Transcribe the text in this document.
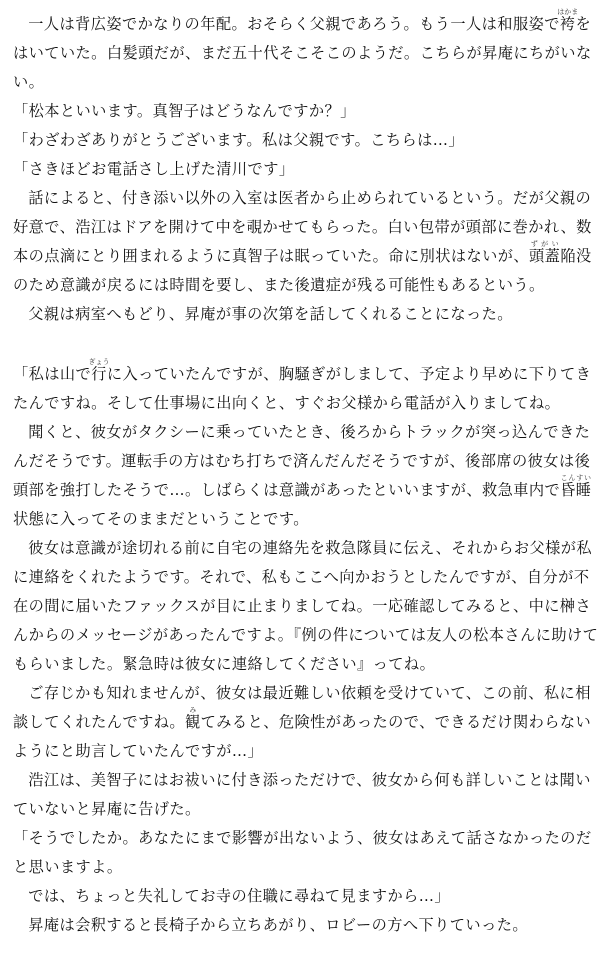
一人は背広姿でかなりの年配。おそらく父親であろう。もう一人は和服姿で袴はかまをはいていた。白髪頭だが、まだ五十代そこそこのようだ。こちらが昇庵にちがいない。

「松本といいます。真智子はどうなんですか？」

「わざわざありがとうございます。私は父親です。こちらは…」

「さきほどお電話さし上げた清川です」

話によると、付き添い以外の入室は医者から止められているという。だが父親の好意で、浩江はドアを開けて中を覗かせてもらった。白い包帯が頭部に巻かれ、数本の点滴にとり囲まれるように真智子は眠っていた。命に別状はないが、頭蓋ずがい陥没のため意識が戻るには時間を要し、また後遺症が残る可能性もあるという。

父親は病室へもどり、昇庵が事の次第を話してくれることになった。

「私は山で行ぎょうに入っていたんですが、胸騒ぎがしまして、予定より早めに下りてきたんですね。そして仕事場に出向くと、すぐお父様から電話が入りましてね。

聞くと、彼女がタクシーに乗っていたとき、後ろからトラックが突っ込んできたんだそうです。運転手の方はむち打ちで済んだんだそうですが、後部席の彼女は後頭部を強打したそうで…。しばらくは意識があったといいますが、救急車内で昏睡こんすい状態に入ってそのままだということです。

彼女は意識が途切れる前に自宅の連絡先を救急隊員に伝え、それからお父様が私に連絡をくれたようです。それで、私もここへ向かおうとしたんですが、自分が不在の間に届いたファックスが目に止まりましてね。一応確認してみると、中に榊さんからのメッセージがあったんですよ。『例の件については友人の松本さんに助けてもらいました。緊急時は彼女に連絡してください』ってね。

ご存じかも知れませんが、彼女は最近難しい依頼を受けていて、この前、私に相談してくれたんですね。観みてみると、危険性があったので、できるだけ関わらないようにと助言していたんですが…」

浩江は、美智子にはお祓いに付き添っただけで、彼女から何も詳しいことは聞いていないと昇庵に告げた。

「そうでしたか。あなたにまで影響が出ないよう、彼女はあえて話さなかったのだと思いますよ。

では、ちょっと失礼してお寺の住職に尋ねて見ますから…」

昇庵は会釈すると長椅子から立ちあがり、ロビーの方へ下りていった。
